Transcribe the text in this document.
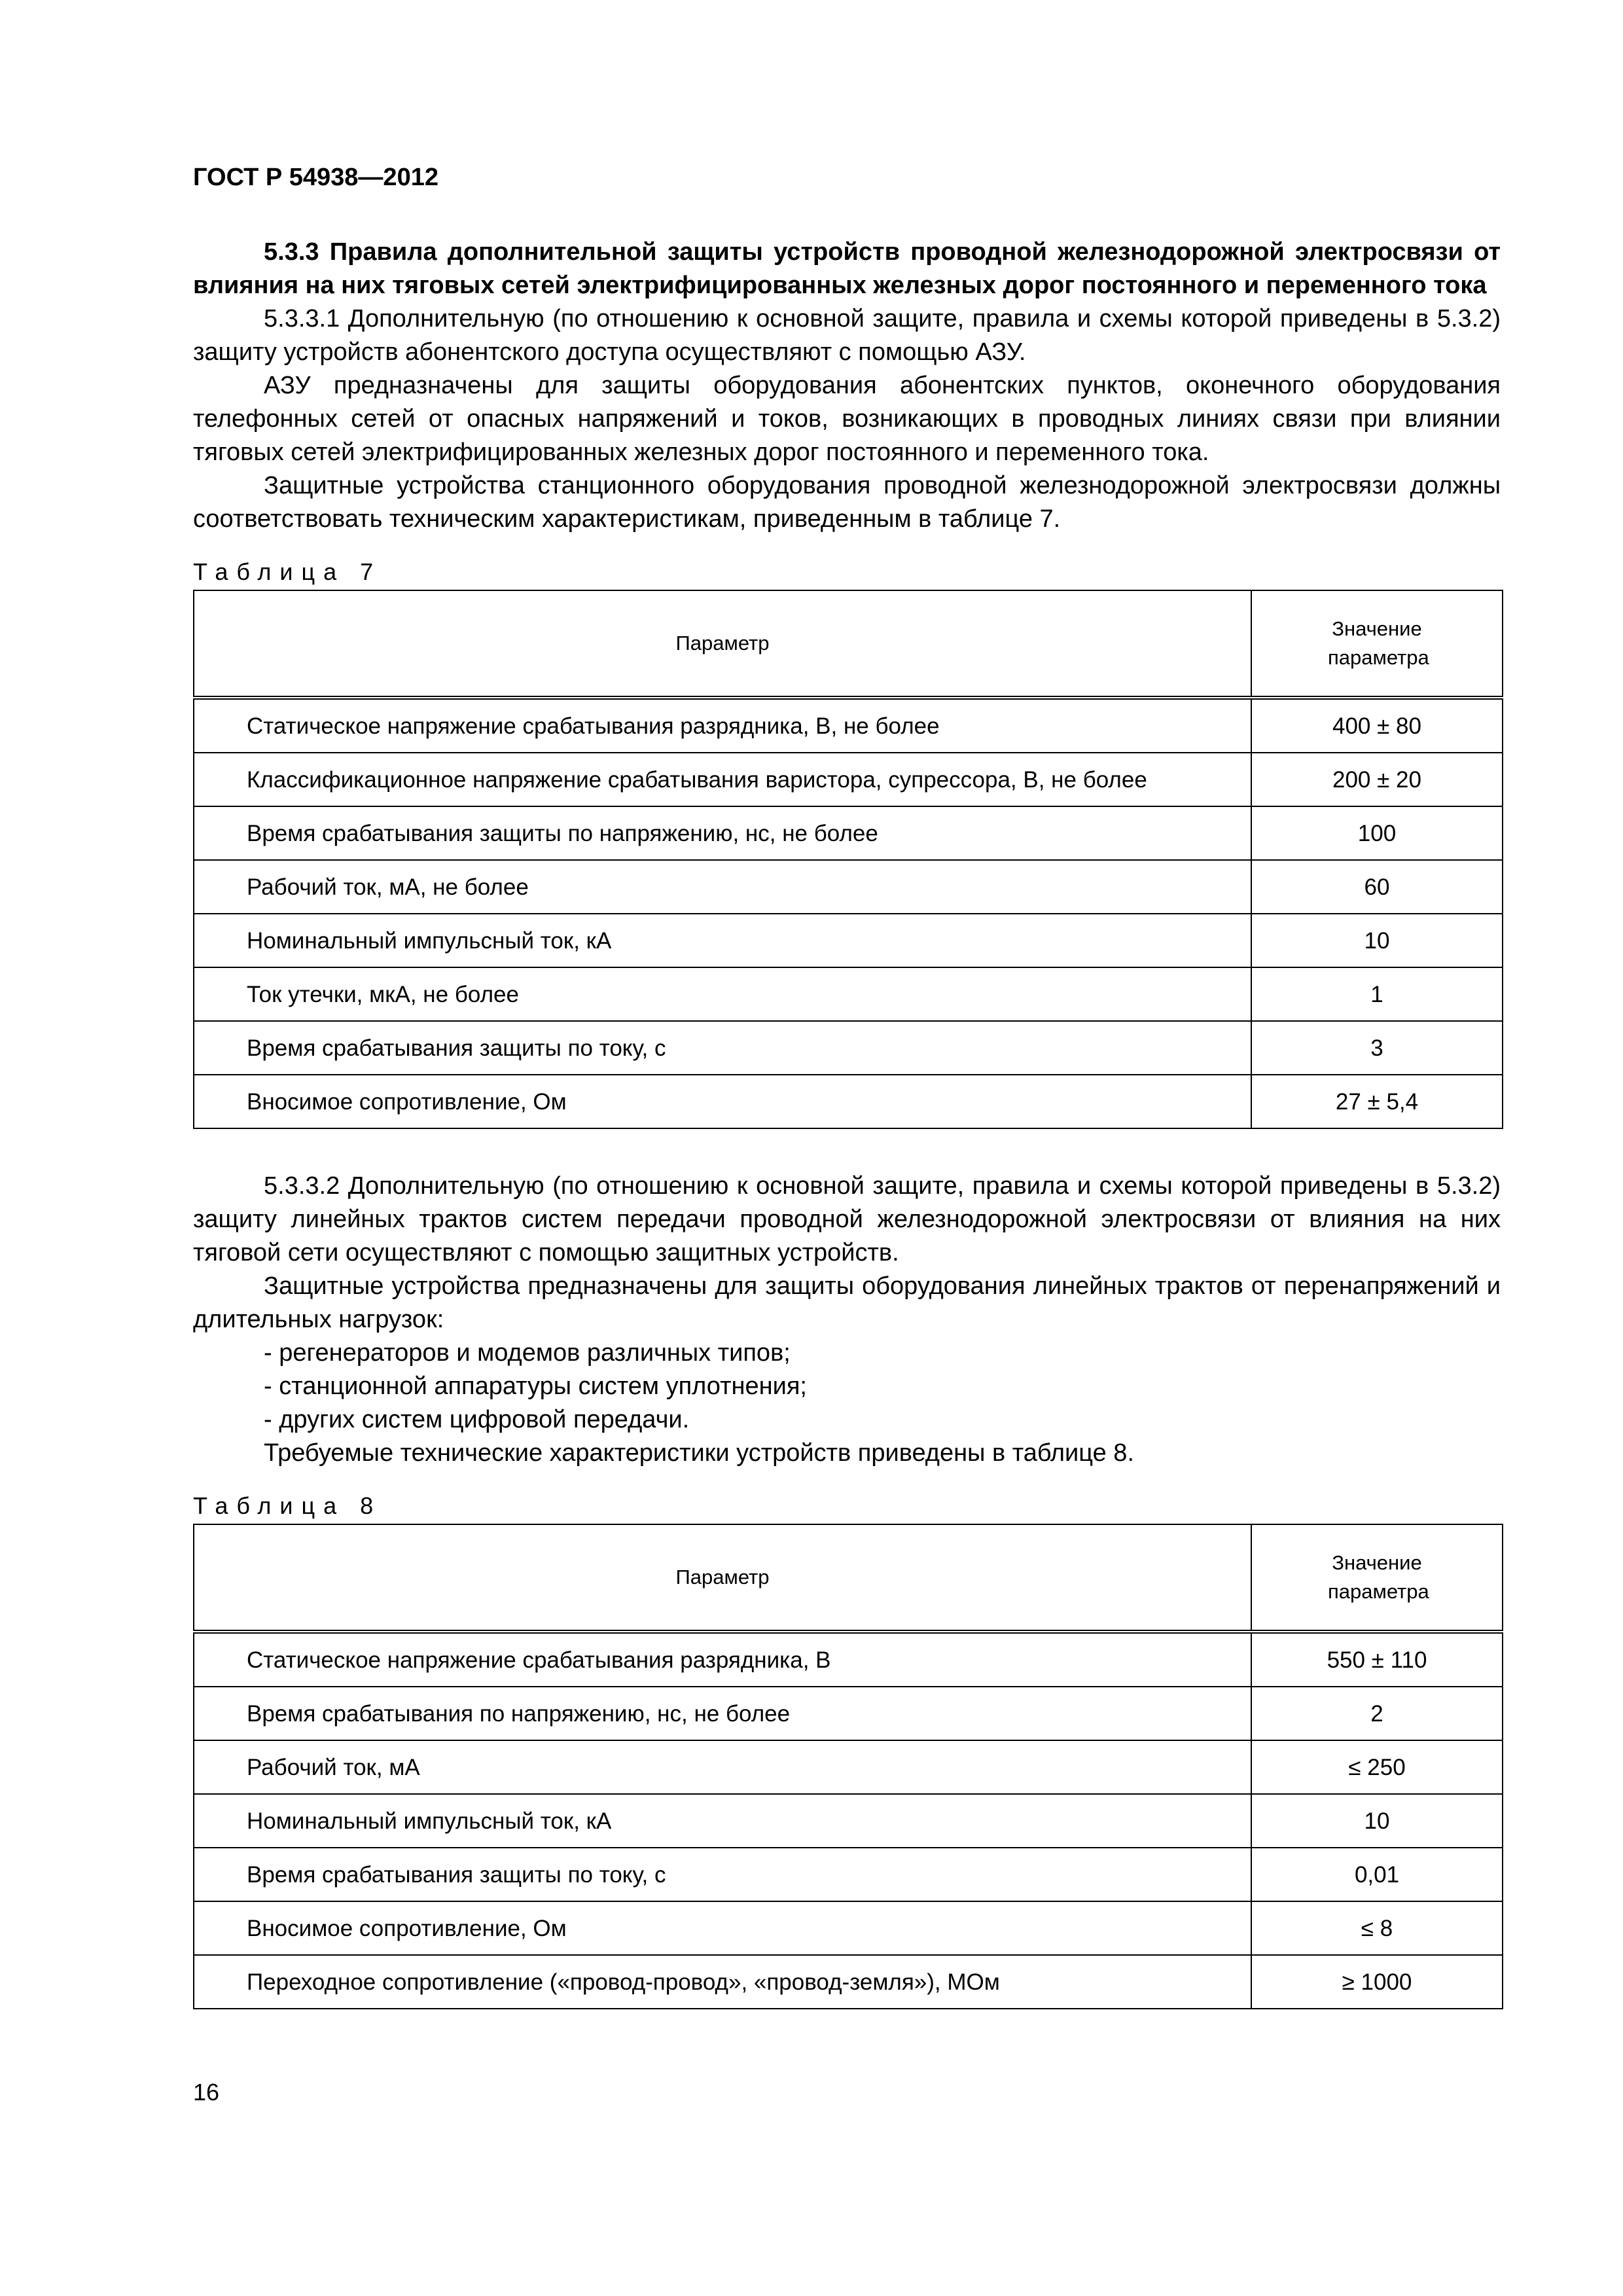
ГОСТ Р 54938—2012

5.3.3 Правила дополнительной защиты устройств проводной железнодорожной электросвязи от влияния на них тяговых сетей электрифицированных железных дорог постоянного и переменного тока

5.3.3.1 Дополнительную (по отношению к основной защите, правила и схемы которой приведены в 5.3.2) защиту устройств абонентского доступа осуществляют с помощью АЗУ.

АЗУ предназначены для защиты оборудования абонентских пунктов, оконечного оборудования телефонных сетей от опасных напряжений и токов, возникающих в проводных линиях связи при влиянии тяговых сетей электрифицированных железных дорог постоянного и переменного тока.

Защитные устройства станционного оборудования проводной железнодорожной электросвязи должны соответствовать техническим характеристикам, приведенным в таблице 7.

Таблица 7
Параметр	Значение параметра
Статическое напряжение срабатывания разрядника, В, не более	400 ± 80
Классификационное напряжение срабатывания варистора, супрессора, В, не более	200 ± 20
Время срабатывания защиты по напряжению, нс, не более	100
Рабочий ток, мА, не более	60
Номинальный импульсный ток, кА	10
Ток утечки, мкА, не более	1
Время срабатывания защиты по току, с	3
Вносимое сопротивление, Ом	27 ± 5,4

5.3.3.2 Дополнительную (по отношению к основной защите, правила и схемы которой приведены в 5.3.2) защиту линейных трактов систем передачи проводной железнодорожной электросвязи от влияния на них тяговой сети осуществляют с помощью защитных устройств.

Защитные устройства предназначены для защиты оборудования линейных трактов от перенапряжений и длительных нагрузок:

- регенераторов и модемов различных типов;

- станционной аппаратуры систем уплотнения;

- других систем цифровой передачи.

Требуемые технические характеристики устройств приведены в таблице 8.

Таблица 8
Параметр	Значение параметра
Статическое напряжение срабатывания разрядника, В	550 ± 110
Время срабатывания по напряжению, нс, не более	2
Рабочий ток, мА	≤ 250
Номинальный импульсный ток, кА	10
Время срабатывания защиты по току, с	0,01
Вносимое сопротивление, Ом	≤ 8
Переходное сопротивление («провод-провод», «провод-земля»), МОм	≥ 1000
16
